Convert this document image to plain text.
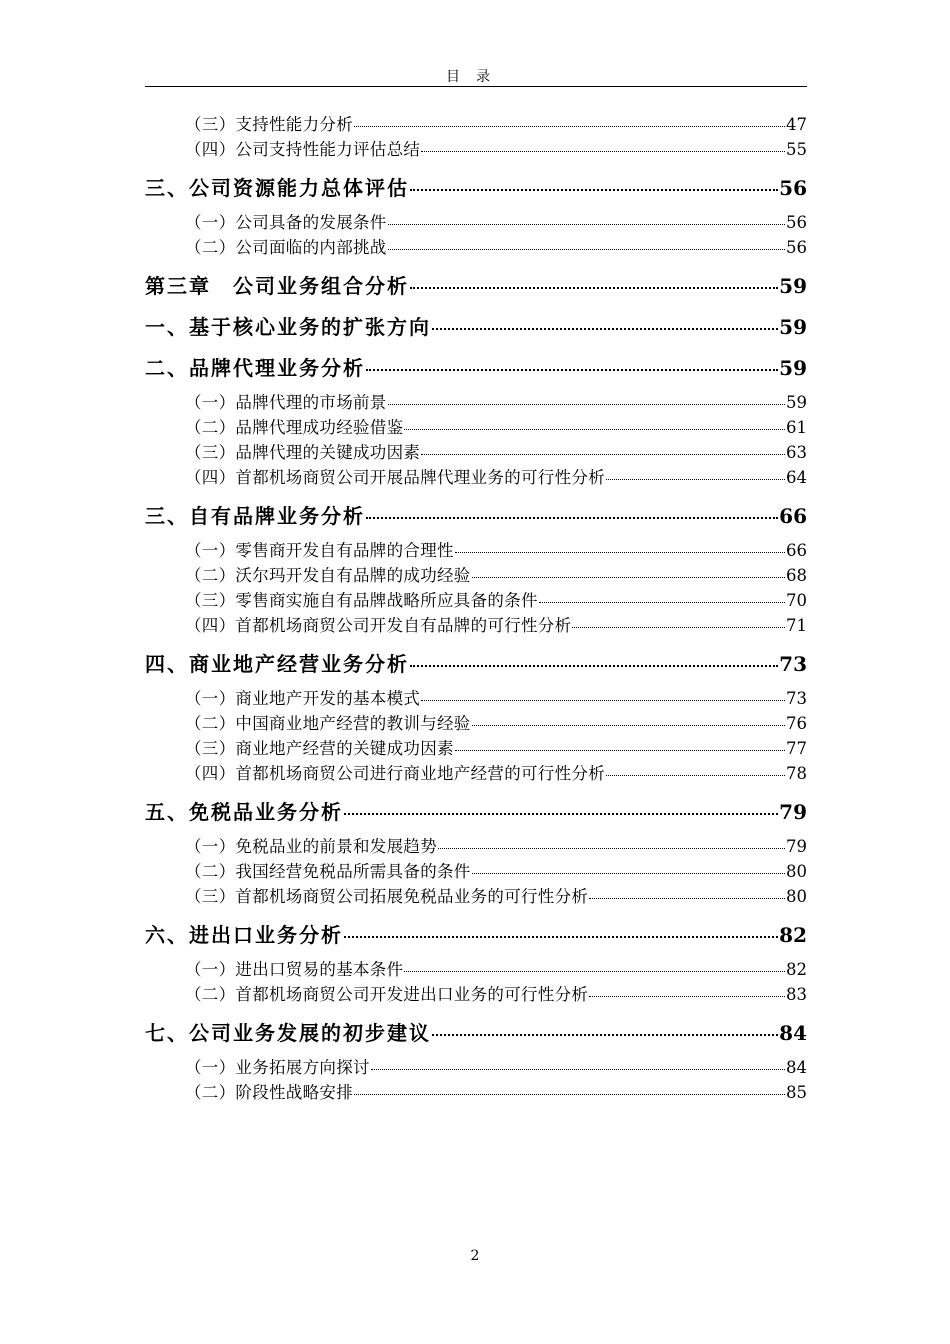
目录
（三）支持性能力分析	47
（四）公司支持性能力评估总结	55
三、公司资源能力总体评估	56
（一）公司具备的发展条件	56
（二）公司面临的内部挑战	56
第三章　公司业务组合分析	59
一、基于核心业务的扩张方向	59
二、品牌代理业务分析	59
（一）品牌代理的市场前景	59
（二）品牌代理成功经验借鉴	61
（三）品牌代理的关键成功因素	63
（四）首都机场商贸公司开展品牌代理业务的可行性分析	64
三、自有品牌业务分析	66
（一）零售商开发自有品牌的合理性	66
（二）沃尔玛开发自有品牌的成功经验	68
（三）零售商实施自有品牌战略所应具备的条件	70
（四）首都机场商贸公司开发自有品牌的可行性分析	71
四、商业地产经营业务分析	73
（一）商业地产开发的基本模式	73
（二）中国商业地产经营的教训与经验	76
（三）商业地产经营的关键成功因素	77
（四）首都机场商贸公司进行商业地产经营的可行性分析	78
五、免税品业务分析	79
（一）免税品业的前景和发展趋势	79
（二）我国经营免税品所需具备的条件	80
（三）首都机场商贸公司拓展免税品业务的可行性分析	80
六、进出口业务分析	82
（一）进出口贸易的基本条件	82
（二）首都机场商贸公司开发进出口业务的可行性分析	83
七、公司业务发展的初步建议	84
（一）业务拓展方向探讨	84
（二）阶段性战略安排	85
2
